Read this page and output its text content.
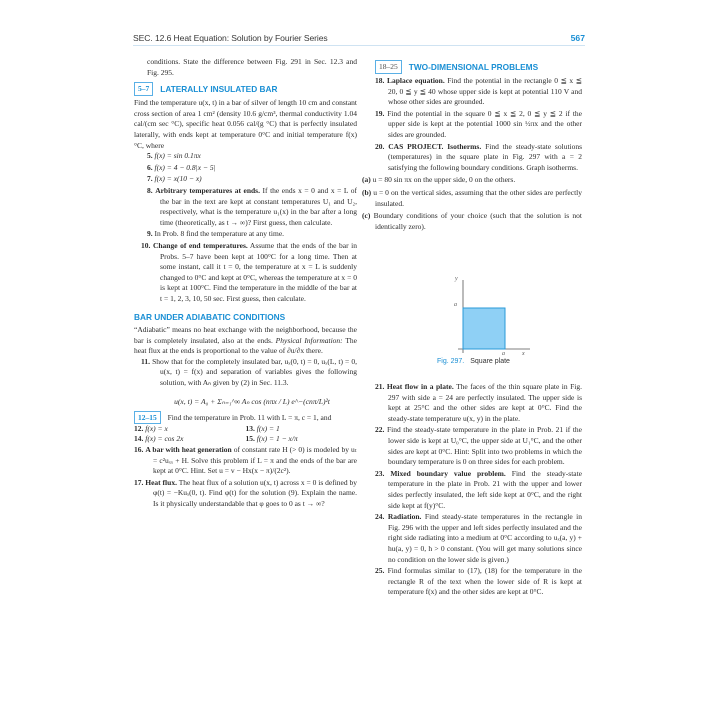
SEC. 12.6 Heat Equation: Solution by Fourier Series	567

conditions. State the difference between Fig. 291 in Sec. 12.3 and Fig. 295.

5–7	LATERALLY INSULATED BAR

Find the temperature u(x, t) in a bar of silver of length 10 cm and constant cross section of area 1 cm² (density 10.6 g/cm³, thermal conductivity 1.04 cal/(cm sec °C), specific heat 0.056 cal/(g °C) that is perfectly insulated laterally, with ends kept at temperature 0°C and initial temperature f(x) °C, where

5. f(x) = sin 0.1πx
6. f(x) = 4 − 0.8|x − 5|
7. f(x) = x(10 − x)
8. Arbitrary temperatures at ends. If the ends x = 0 and x = L of the bar in the text are kept at constant temperatures U₁ and U₂, respectively, what is the temperature u₁(x) in the bar after a long time (theoretically, as t → ∞)? First guess, then calculate.
9. In Prob. 8 find the temperature at any time.
10. Change of end temperatures. Assume that the ends of the bar in Probs. 5–7 have been kept at 100°C for a long time. Then at some instant, call it t = 0, the temperature at x = L is suddenly changed to 0°C and kept at 0°C, whereas the temperature at x = 0 is kept at 100°C. Find the temperature in the middle of the bar at t = 1, 2, 3, 10, 50 sec. First guess, then calculate.
BAR UNDER ADIABATIC CONDITIONS

“Adiabatic” means no heat exchange with the neighborhood, because the bar is completely insulated, also at the ends. Physical Information: The heat flux at the ends is proportional to the value of ∂u/∂x there.

11. Show that for the completely insulated bar, uₓ(0, t) = 0, uₓ(L, t) = 0, u(x, t) = f(x) and separation of variables gives the following solution, with Aₙ given by (2) in Sec. 11.3.
u(x, t) = A₀ + Σₙ₌₁^∞ Aₙ cos (nπx / L) e^−(cnπ/L)²t
12–15 Find the temperature in Prob. 11 with L = π, c = 1, and
12. f(x) = x	13. f(x) = 1
14. f(x) = cos 2x	15. f(x) = 1 − x/π
16. A bar with heat generation of constant rate H (> 0) is modeled by uₜ = c²uₓₓ + H. Solve this problem if L = π and the ends of the bar are kept at 0°C. Hint. Set u = v − Hx(x − π)/(2c²).
17. Heat flux. The heat flux of a solution u(x, t) across x = 0 is defined by φ(t) = −Kuₓ(0, t). Find φ(t) for the solution (9). Explain the name. Is it physically understandable that φ goes to 0 as t → ∞?
18–25	TWO-DIMENSIONAL PROBLEMS
18. Laplace equation. Find the potential in the rectangle 0 ≦ x ≦ 20, 0 ≦ y ≦ 40 whose upper side is kept at potential 110 V and whose other sides are grounded.
19. Find the potential in the square 0 ≦ x ≦ 2, 0 ≦ y ≦ 2 if the upper side is kept at the potential 1000 sin ½πx and the other sides are grounded.
20. CAS PROJECT. Isotherms. Find the steady-state solutions (temperatures) in the square plate in Fig. 297 with a = 2 satisfying the following boundary conditions. Graph isotherms.
(a) u = 80 sin πx on the upper side, 0 on the others.
(b) u = 0 on the vertical sides, assuming that the other sides are perfectly insulated.
(c) Boundary conditions of your choice (such that the solution is not identically zero).
y
a
a	x
Fig. 297. Square plate
21. Heat flow in a plate. The faces of the thin square plate in Fig. 297 with side a = 24 are perfectly insulated. The upper side is kept at 25°C and the other sides are kept at 0°C. Find the steady-state temperature u(x, y) in the plate.
22. Find the steady-state temperature in the plate in Prob. 21 if the lower side is kept at U₀°C, the upper side at U₁°C, and the other sides are kept at 0°C. Hint: Split into two problems in which the boundary temperature is 0 on three sides for each problem.
23. Mixed boundary value problem. Find the steady-state temperature in the plate in Prob. 21 with the upper and lower sides perfectly insulated, the left side kept at 0°C, and the right side kept at f(y)°C.
24. Radiation. Find steady-state temperatures in the rectangle in Fig. 296 with the upper and left sides perfectly insulated and the right side radiating into a medium at 0°C according to uₓ(a, y) + hu(a, y) = 0, h > 0 constant. (You will get many solutions since no condition on the lower side is given.)
25. Find formulas similar to (17), (18) for the temperature in the rectangle R of the text when the lower side of R is kept at temperature f(x) and the other sides are kept at 0°C.
